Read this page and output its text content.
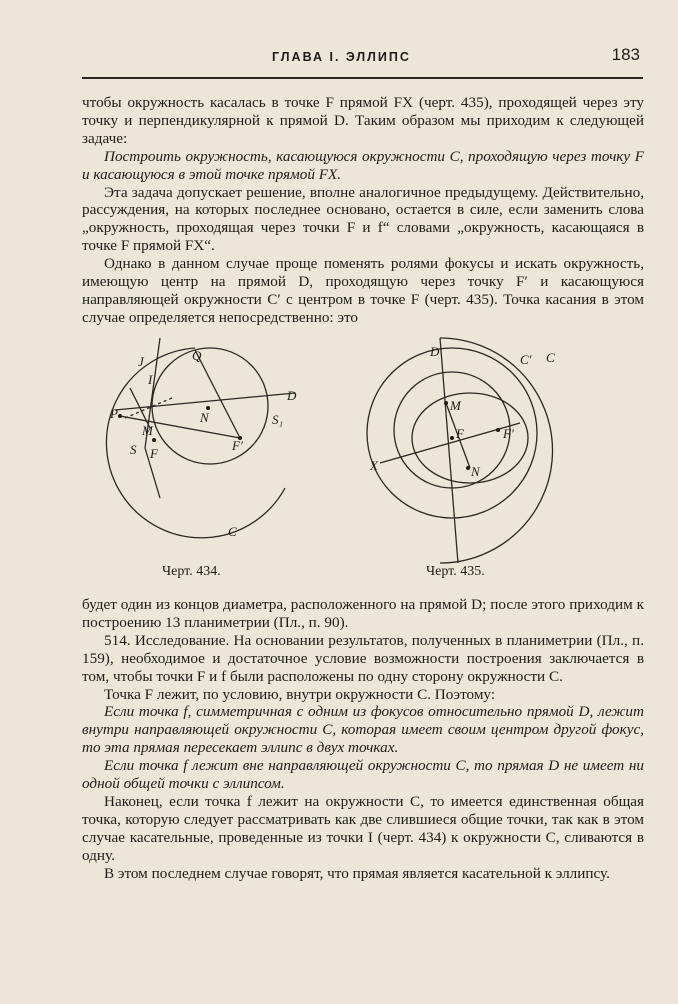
ГЛАВА I. ЭЛЛИПС	183

чтобы окружность касалась в точке F прямой FX (черт. 435), проходящей через эту точку и перпендикулярной к прямой D. Таким образом мы приходим к следующей задаче:

Построить окружность, касающуюся окружности C, проходящую через точку F и касающуюся в этой точке прямой FX.

Эта задача допускает решение, вполне аналогичное предыдущему. Действительно, рассуждения, на которых последнее основано, остается в силе, если заменить слова „окружность, проходящая через точки F и f“ словами „окружность, касающаяся в точке F прямой FX“.

Однако в данном случае проще поменять ролями фокусы и искать окружность, имеющую центр на прямой D, проходящую через точку F′ и касающуюся направляющей окружности C′ с центром в точке F (черт. 435). Точка касания в этом случае определяется непосредственно: это

J	Q
I
D
S₁
P
M
N
F′
S F
C
Черт. 434.
D
C′ C
M
F	F′
X	N
Черт. 435.

будет один из концов диаметра, расположенного на прямой D; после этого приходим к построению 13 планиметрии (Пл., п. 90).

514. Исследование. На основании результатов, полученных в планиметрии (Пл., п. 159), необходимое и достаточное условие возможности построения заключается в том, чтобы точки F и f были расположены по одну сторону окружности C.

Точка F лежит, по условию, внутри окружности C. Поэтому:

Если точка f, симметричная с одним из фокусов относительно прямой D, лежит внутри направляющей окружности C, которая имеет своим центром другой фокус, то эта прямая пересекает эллипс в двух точках.

Если точка f лежит вне направляющей окружности C, то прямая D не имеет ни одной общей точки с эллипсом.

Наконец, если точка f лежит на окружности C, то имеется единственная общая точка, которую следует рассматривать как две слившиеся общие точки, так как в этом случае касательные, проведенные из точки I (черт. 434) к окружности C, сливаются в одну.

В этом последнем случае говорят, что прямая является касательной к эллипсу.
